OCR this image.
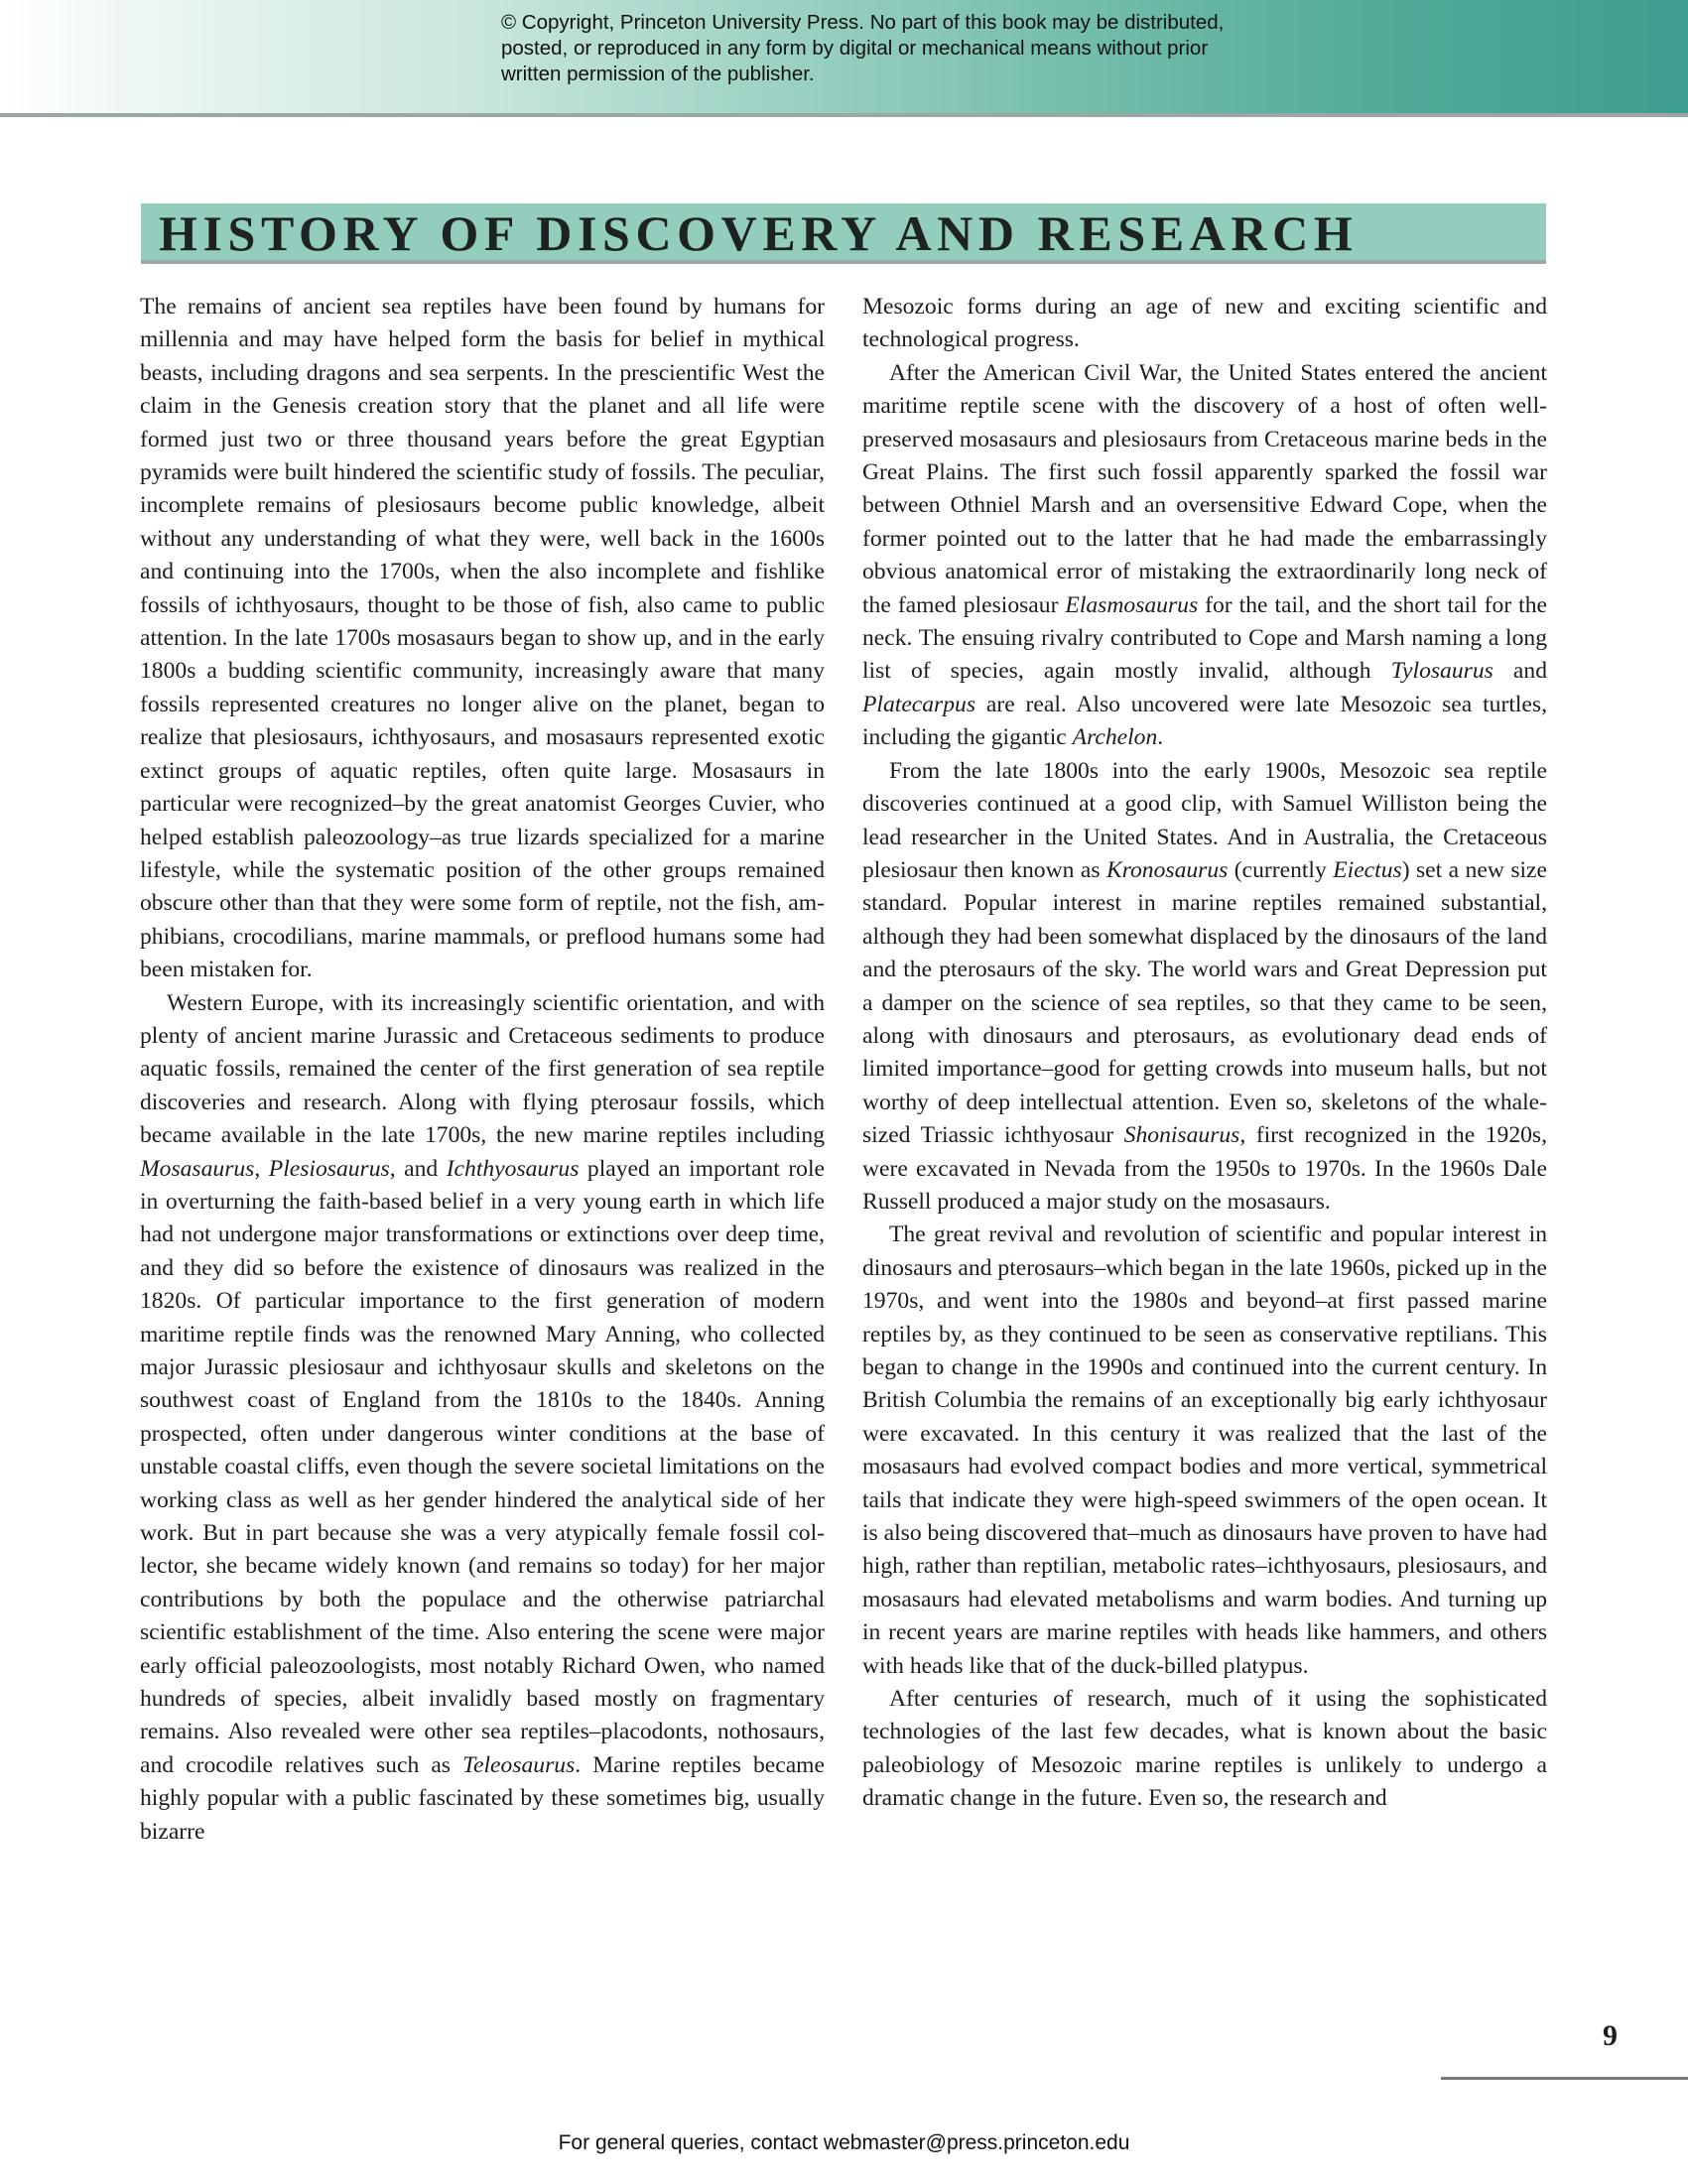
© Copyright, Princeton University Press. No part of this book may be distributed, posted, or reproduced in any form by digital or mechanical means without prior written permission of the publisher.

HISTORY OF DISCOVERY AND RESEARCH

The remains of ancient sea reptiles have been found by humans for millennia and may have helped form the basis for belief in mythical beasts, including dragons and sea serpents. In the prescientific West the claim in the Genesis creation story that the planet and all life were formed just two or three thousand years before the great Egyptian pyramids were built hindered the scientific study of fossils. The peculiar, incomplete remains of plesiosaurs become public knowledge, albeit without any understanding of what they were, well back in the 1600s and continuing into the 1700s, when the also incomplete and fishlike fossils of ichthyosaurs, thought to be those of fish, also came to public attention. In the late 1700s mosasaurs began to show up, and in the early 1800s a budding scientific community, increasingly aware that many fossils represented creatures no longer alive on the planet, began to realize that plesiosaurs, ichthyosaurs, and mosasaurs represented exotic extinct groups of aquatic reptiles, often quite large. Mosasaurs in particular were recognized–by the great anatomist Georges Cuvier, who helped establish paleozoology–as true lizards specialized for a marine lifestyle, while the systematic position of the other groups remained obscure other than that they were some form of reptile, not the fish, amphibians, crocodilians, marine mammals, or preflood humans some had been mistaken for.

Western Europe, with its increasingly scientific orientation, and with plenty of ancient marine Jurassic and Cretaceous sediments to produce aquatic fossils, remained the center of the first generation of sea reptile discoveries and research. Along with flying pterosaur fossils, which became available in the late 1700s, the new marine reptiles including Mosasaurus, Plesiosaurus, and Ichthyosaurus played an important role in overturning the faith-based belief in a very young earth in which life had not undergone major transformations or extinctions over deep time, and they did so before the existence of dinosaurs was realized in the 1820s. Of particular importance to the first generation of modern maritime reptile finds was the renowned Mary Anning, who collected major Jurassic plesiosaur and ichthyosaur skulls and skeletons on the southwest coast of England from the 1810s to the 1840s. Anning prospected, often under dangerous winter conditions at the base of unstable coastal cliffs, even though the severe societal limitations on the working class as well as her gender hindered the analytical side of her work. But in part because she was a very atypically female fossil collector, she became widely known (and remains so today) for her major contributions by both the populace and the otherwise patriarchal scientific establishment of the time. Also entering the scene were major early official paleozoologists, most notably Richard Owen, who named hundreds of species, albeit invalidly based mostly on fragmentary remains. Also revealed were other sea reptiles–placodonts, nothosaurs, and crocodile relatives such as Teleosaurus. Marine reptiles became highly popular with a public fascinated by these sometimes big, usually bizarre

Mesozoic forms during an age of new and exciting scientific and technological progress.

After the American Civil War, the United States entered the ancient maritime reptile scene with the discovery of a host of often well-preserved mosasaurs and plesiosaurs from Cretaceous marine beds in the Great Plains. The first such fossil apparently sparked the fossil war between Othniel Marsh and an oversensitive Edward Cope, when the former pointed out to the latter that he had made the embarrassingly obvious anatomical error of mistaking the extraordinarily long neck of the famed plesiosaur Elasmosaurus for the tail, and the short tail for the neck. The ensuing rivalry contributed to Cope and Marsh naming a long list of species, again mostly invalid, although Tylosaurus and Platecarpus are real. Also uncovered were late Mesozoic sea turtles, including the gigantic Archelon.

From the late 1800s into the early 1900s, Mesozoic sea reptile discoveries continued at a good clip, with Samuel Williston being the lead researcher in the United States. And in Australia, the Cretaceous plesiosaur then known as Kronosaurus (currently Eiectus) set a new size standard. Popular interest in marine reptiles remained substantial, although they had been somewhat displaced by the dinosaurs of the land and the pterosaurs of the sky. The world wars and Great Depression put a damper on the science of sea reptiles, so that they came to be seen, along with dinosaurs and pterosaurs, as evolutionary dead ends of limited importance–good for getting crowds into museum halls, but not worthy of deep intellectual attention. Even so, skeletons of the whale-sized Triassic ichthyosaur Shonisaurus, first recognized in the 1920s, were excavated in Nevada from the 1950s to 1970s. In the 1960s Dale Russell produced a major study on the mosasaurs.

The great revival and revolution of scientific and popular interest in dinosaurs and pterosaurs–which began in the late 1960s, picked up in the 1970s, and went into the 1980s and beyond–at first passed marine reptiles by, as they continued to be seen as conservative reptilians. This began to change in the 1990s and continued into the current century. In British Columbia the remains of an exceptionally big early ichthyosaur were excavated. In this century it was realized that the last of the mosasaurs had evolved compact bodies and more vertical, symmetrical tails that indicate they were high-speed swimmers of the open ocean. It is also being discovered that–much as dinosaurs have proven to have had high, rather than reptilian, metabolic rates–ichthyosaurs, plesiosaurs, and mosasaurs had elevated metabolisms and warm bodies. And turning up in recent years are marine reptiles with heads like hammers, and others with heads like that of the duck-billed platypus.

After centuries of research, much of it using the sophisticated technologies of the last few decades, what is known about the basic paleobiology of Mesozoic marine reptiles is unlikely to undergo a dramatic change in the future. Even so, the research and

9

For general queries, contact webmaster@press.princeton.edu
